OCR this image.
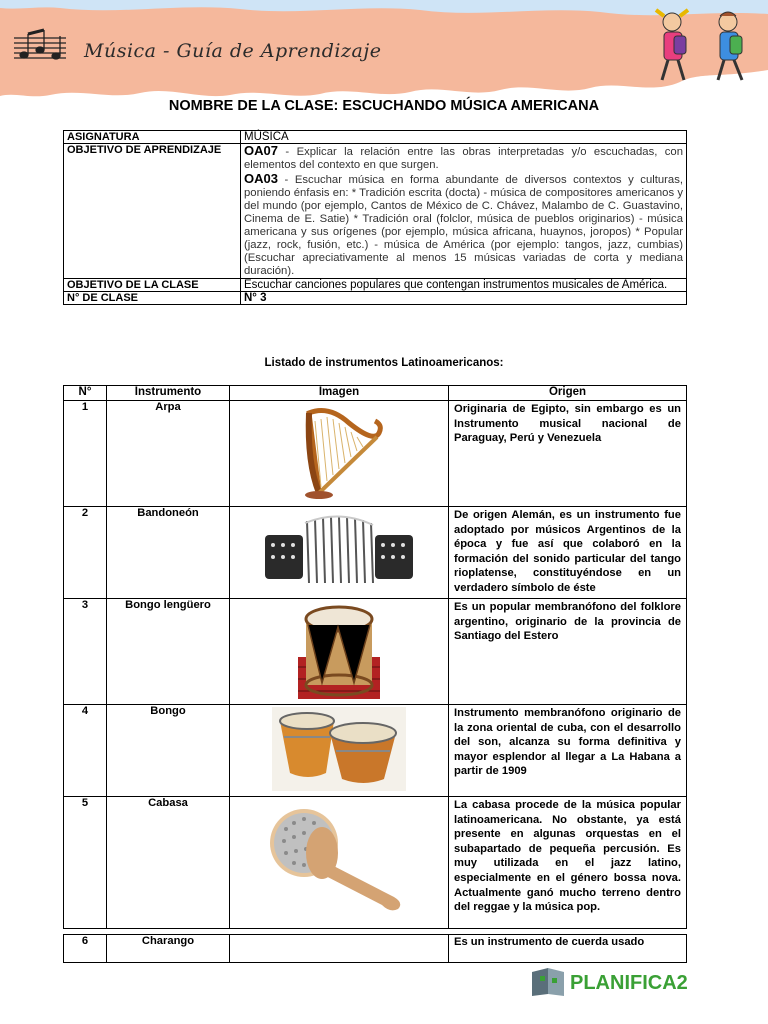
Música - Guía de Aprendizaje
NOMBRE DE LA CLASE: ESCUCHANDO MÚSICA AMERICANA
ASIGNATURA	MÚSICA
OBJETIVO DE APRENDIZAJE	OA07 - Explicar la relación entre las obras interpretadas y/o escuchadas, con elementos del contexto en que surgen.

OA03 - Escuchar música en forma abundante de diversos contextos y culturas, poniendo énfasis en: * Tradición escrita (docta) - música de compositores americanos y del mundo (por ejemplo, Cantos de México de C. Chávez, Malambo de C. Guastavino, Cinema de E. Satie) * Tradición oral (folclor, música de pueblos originarios) - música americana y sus orígenes (por ejemplo, música africana, huaynos, joropos) * Popular (jazz, rock, fusión, etc.) - música de América (por ejemplo: tangos, jazz, cumbias) (Escuchar apreciativamente al menos 15 músicas variadas de corta y mediana duración).

OBJETIVO DE LA CLASE	Escuchar canciones populares que contengan instrumentos musicales de América.
N° DE CLASE	N° 3
Listado de instrumentos Latinoamericanos:
N°	Instrumento	Imagen	Origen
1	Arpa		Originaria de Egipto, sin embargo es un Instrumento musical nacional de Paraguay, Perú y Venezuela
2	Bandoneón		De origen Alemán, es un instrumento fue adoptado por músicos Argentinos de la época y fue así que colaboró en la formación del sonido particular del tango rioplatense, constituyéndose en un verdadero símbolo de éste
3	Bongo lengüero		Es un popular membranófono del folklore argentino, originario de la provincia de Santiago del Estero
4	Bongo		Instrumento membranófono originario de la zona oriental de cuba, con el desarrollo del son, alcanza su forma definitiva y mayor esplendor al llegar a La Habana a partir de 1909
5	Cabasa		La cabasa procede de la música popular latinoamericana. No obstante, ya está presente en algunas orquestas en el subapartado de pequeña percusión. Es muy utilizada en el jazz latino, especialmente en el género bossa nova. Actualmente ganó mucho terreno dentro del reggae y la música pop.
6	Charango		Es un instrumento de cuerda usado
PLANIFICA2
